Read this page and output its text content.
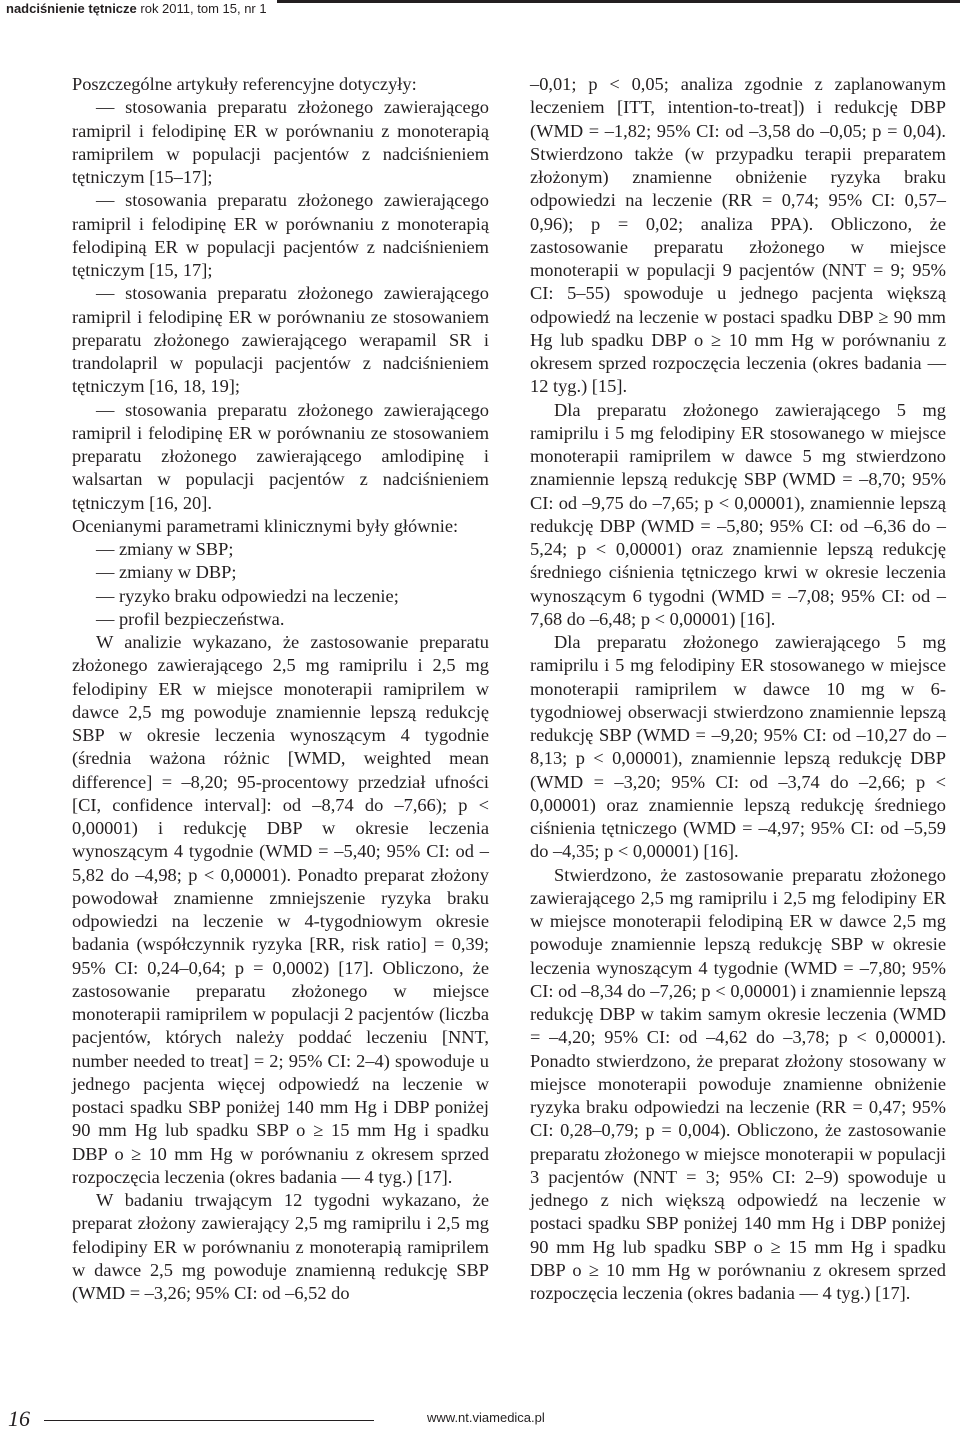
nadciśnienie tętnicze rok 2011, tom 15, nr 1

Poszczególne artykuły referencyjne dotyczyły:

— stosowania preparatu złożonego zawierającego ramipril i felodipinę ER w porównaniu z monoterapią ramiprilem w populacji pacjentów z nadciśnieniem tętniczym [15–17];

— stosowania preparatu złożonego zawierającego ramipril i felodipinę ER w porównaniu z monoterapią felodipiną ER w populacji pacjentów z nadciśnieniem tętniczym [15, 17];

— stosowania preparatu złożonego zawierającego ramipril i felodipinę ER w porównaniu ze stosowaniem preparatu złożonego zawierającego werapamil SR i trandolapril w populacji pacjentów z nadciśnieniem tętniczym [16, 18, 19];

— stosowania preparatu złożonego zawierającego ramipril i felodipinę ER w porównaniu ze stosowaniem preparatu złożonego zawierającego amlodipinę i walsartan w populacji pacjentów z nadciśnieniem tętniczym [16, 20].

Ocenianymi parametrami klinicznymi były głównie:

— zmiany w SBP;

— zmiany w DBP;

— ryzyko braku odpowiedzi na leczenie;

— profil bezpieczeństwa.

W analizie wykazano, że zastosowanie preparatu złożonego zawierającego 2,5 mg ramiprilu i 2,5 mg felodipiny ER w miejsce monoterapii ramiprilem w dawce 2,5 mg powoduje znamiennie lepszą redukcję SBP w okresie leczenia wynoszącym 4 tygodnie (średnia ważona różnic [WMD, weighted mean difference] = –8,20; 95-procentowy przedział ufności [CI, confidence interval]: od –8,74 do –7,66); p < 0,00001) i redukcję DBP w okresie leczenia wynoszącym 4 tygodnie (WMD = –5,40; 95% CI: od –5,82 do –4,98; p < 0,00001). Ponadto preparat złożony powodował znamienne zmniejszenie ryzyka braku odpowiedzi na leczenie w 4-tygodniowym okresie badania (współczynnik ryzyka [RR, risk ratio] = 0,39; 95% CI: 0,24–0,64; p = 0,0002) [17]. Obliczono, że zastosowanie preparatu złożonego w miejsce monoterapii ramiprilem w populacji 2 pacjentów (liczba pacjentów, których należy poddać leczeniu [NNT, number needed to treat] = 2; 95% CI: 2–4) spowoduje u jednego pacjenta więcej odpowiedź na leczenie w postaci spadku SBP poniżej 140 mm Hg i DBP poniżej 90 mm Hg lub spadku SBP o ≥ 15 mm Hg i spadku DBP o ≥ 10 mm Hg w porównaniu z okresem sprzed rozpoczęcia leczenia (okres badania — 4 tyg.) [17].

W badaniu trwającym 12 tygodni wykazano, że preparat złożony zawierający 2,5 mg ramiprilu i 2,5 mg felodipiny ER w porównaniu z monoterapią ramiprilem w dawce 2,5 mg powoduje znamienną redukcję SBP (WMD = –3,26; 95% CI: od –6,52 do

–0,01; p < 0,05; analiza zgodnie z zaplanowanym leczeniem [ITT, intention-to-treat]) i redukcję DBP (WMD = –1,82; 95% CI: od –3,58 do –0,05; p = 0,04). Stwierdzono także (w przypadku terapii preparatem złożonym) znamienne obniżenie ryzyka braku odpowiedzi na leczenie (RR = 0,74; 95% CI: 0,57–0,96); p = 0,02; analiza PPA). Obliczono, że zastosowanie preparatu złożonego w miejsce monoterapii w populacji 9 pacjentów (NNT = 9; 95% CI: 5–55) spowoduje u jednego pacjenta większą odpowiedź na leczenie w postaci spadku DBP ≥ 90 mm Hg lub spadku DBP o ≥ 10 mm Hg w porównaniu z okresem sprzed rozpoczęcia leczenia (okres badania — 12 tyg.) [15].

Dla preparatu złożonego zawierającego 5 mg ramiprilu i 5 mg felodipiny ER stosowanego w miejsce monoterapii ramiprilem w dawce 5 mg stwierdzono znamiennie lepszą redukcję SBP (WMD = –8,70; 95% CI: od –9,75 do –7,65; p < 0,00001), znamiennie lepszą redukcję DBP (WMD = –5,80; 95% CI: od –6,36 do –5,24; p < 0,00001) oraz znamiennie lepszą redukcję średniego ciśnienia tętniczego krwi w okresie leczenia wynoszącym 6 tygodni (WMD = –7,08; 95% CI: od –7,68 do –6,48; p < 0,00001) [16].

Dla preparatu złożonego zawierającego 5 mg ramiprilu i 5 mg felodipiny ER stosowanego w miejsce monoterapii ramiprilem w dawce 10 mg w 6-tygodniowej obserwacji stwierdzono znamiennie lepszą redukcję SBP (WMD = –9,20; 95% CI: od –10,27 do –8,13; p < 0,00001), znamiennie lepszą redukcję DBP (WMD = –3,20; 95% CI: od –3,74 do –2,66; p < 0,00001) oraz znamiennie lepszą redukcję średniego ciśnienia tętniczego (WMD = –4,97; 95% CI: od –5,59 do –4,35; p < 0,00001) [16].

Stwierdzono, że zastosowanie preparatu złożonego zawierającego 2,5 mg ramiprilu i 2,5 mg felodipiny ER w miejsce monoterapii felodipiną ER w dawce 2,5 mg powoduje znamiennie lepszą redukcję SBP w okresie leczenia wynoszącym 4 tygodnie (WMD = –7,80; 95% CI: od –8,34 do –7,26; p < 0,00001) i znamiennie lepszą redukcję DBP w takim samym okresie leczenia (WMD = –4,20; 95% CI: od –4,62 do –3,78; p < 0,00001). Ponadto stwierdzono, że preparat złożony stosowany w miejsce monoterapii powoduje znamienne obniżenie ryzyka braku odpowiedzi na leczenie (RR = 0,47; 95% CI: 0,28–0,79; p = 0,004). Obliczono, że zastosowanie preparatu złożonego w miejsce monoterapii w populacji 3 pacjentów (NNT = 3; 95% CI: 2–9) spowoduje u jednego z nich większą odpowiedź na leczenie w postaci spadku SBP poniżej 140 mm Hg i DBP poniżej 90 mm Hg lub spadku SBP o ≥ 15 mm Hg i spadku DBP o ≥ 10 mm Hg w porównaniu z okresem sprzed rozpoczęcia leczenia (okres badania — 4 tyg.) [17].

16	www.nt.viamedica.pl
